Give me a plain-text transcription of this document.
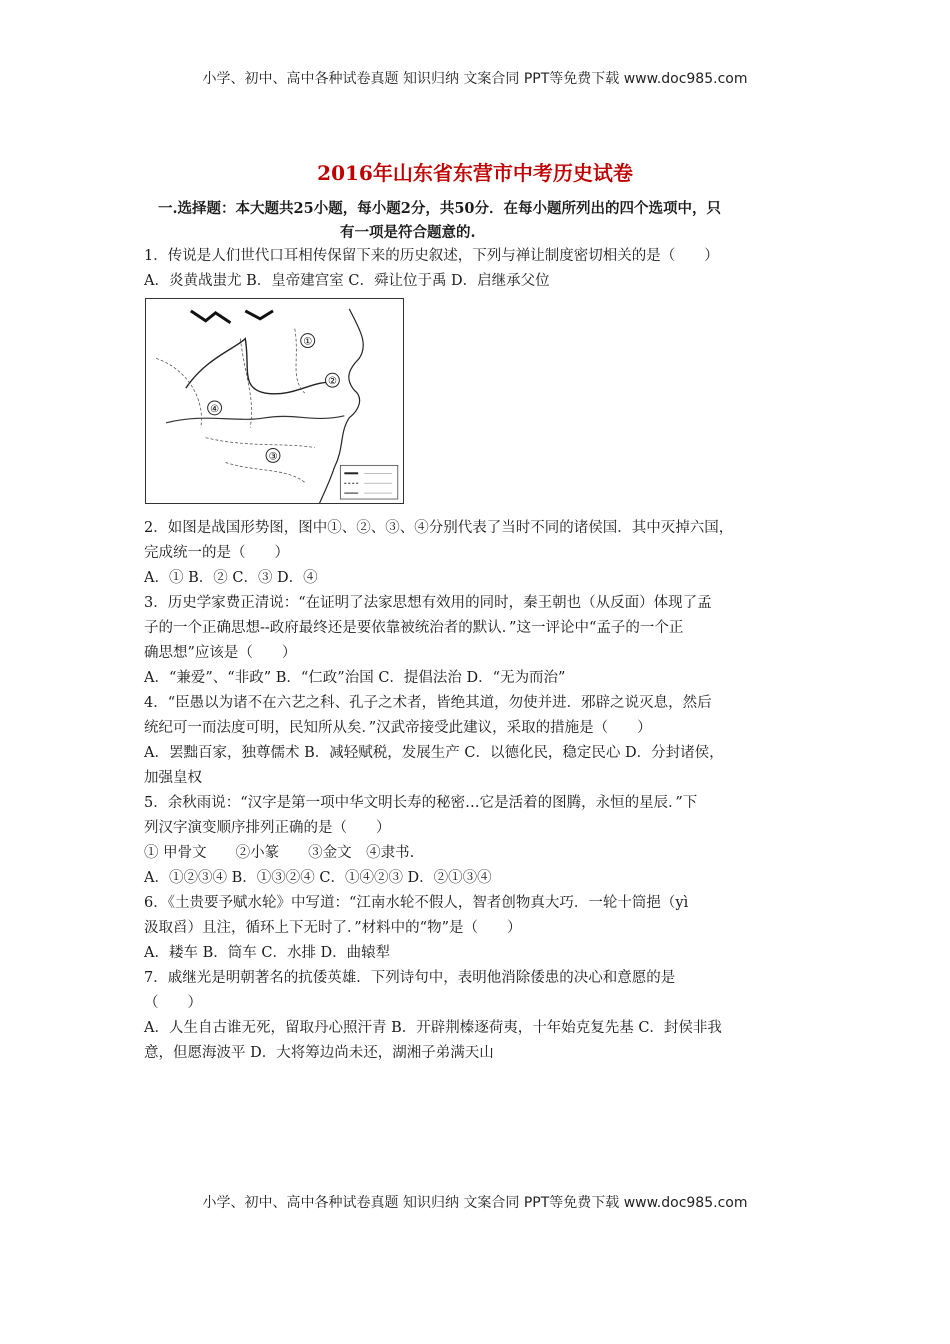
小学、初中、高中各种试卷真题 知识归纳 文案合同 PPT等免费下载 www.doc985.com
2016年山东省东营市中考历史试卷
一.选择题：本大题共25小题，每小题2分，共50分．在每小题所列出的四个选项中，只
有一项是符合题意的.

1．传说是人们世代口耳相传保留下来的历史叙述，下列与禅让制度密切相关的是（　　）

A．炎黄战蚩尤 B．皇帝建宫室 C．舜让位于禹 D．启继承父位

①
②
③
④

2．如图是战国形势图，图中①、②、③、④分别代表了当时不同的诸侯国．其中灭掉六国，

完成统一的是（　　）

A．① B．② C．③ D．④

3．历史学家费正清说：“在证明了法家思想有效用的同时，秦王朝也（从反面）体现了孟

子的一个正确思想--政府最终还是要依靠被统治者的默认．”这一评论中“孟子的一个正

确思想”应该是（　　）

A．“兼爱”、“非政” B．“仁政”治国 C．提倡法治 D．“无为而治”

4．“臣愚以为诸不在六艺之科、孔子之术者，皆绝其道，勿使并进．邪辟之说灭息，然后

统纪可一而法度可明，民知所从矣．”汉武帝接受此建议，采取的措施是（　　）

A．罢黜百家，独尊儒术 B．减轻赋税，发展生产 C．以德化民，稳定民心 D．分封诸侯，

加强皇权

5．余秋雨说：“汉字是第一项中华文明长寿的秘密…它是活着的图腾，永恒的星辰．”下

列汉字演变顺序排列正确的是（　　）

① 甲骨文　　②小篆　　③金文　④隶书.

A．①②③④ B．①③②④ C．①④②③ D．②①③④

6．《土贵要予赋水轮》中写道：“江南水轮不假人，智者创物真大巧．一轮十筒挹（yì

汲取舀）且注，循环上下无时了．”材料中的“物”是（　　）

A．耧车 B．筒车 C．水排 D．曲辕犁

7．戚继光是明朝著名的抗倭英雄．下列诗句中，表明他消除倭患的决心和意愿的是

（　　）

A．人生自古谁无死，留取丹心照汗青 B．开辟荆榛逐荷夷，十年始克复先基 C．封侯非我

意，但愿海波平 D．大将筹边尚未还，湖湘子弟满天山

小学、初中、高中各种试卷真题 知识归纳 文案合同 PPT等免费下载 www.doc985.com
